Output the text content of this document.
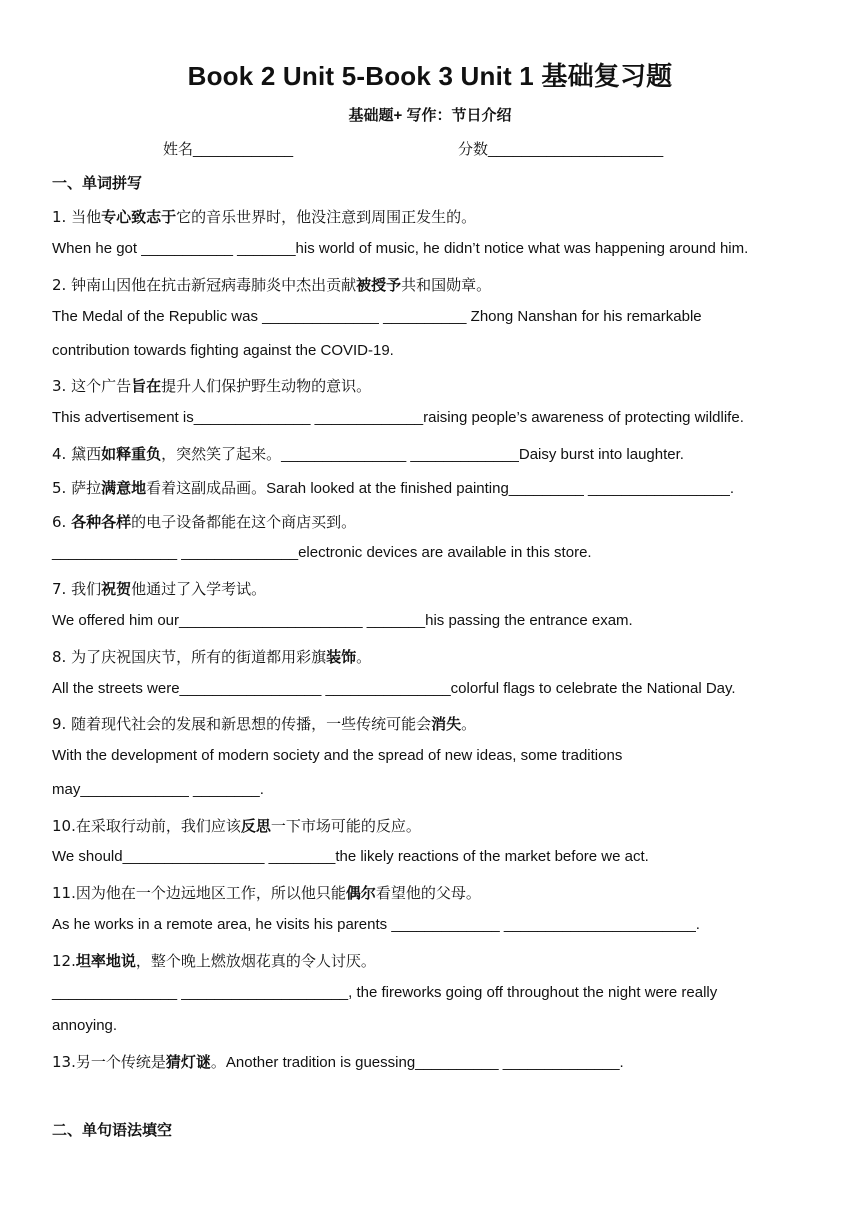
Book 2 Unit 5-Book 3 Unit 1 基础复习题
基础题+ 写作：节日介绍
姓名____________	分数_____________________
一、单词拼写
1. 当他专心致志于它的音乐世界时，他没注意到周围正发生的。
When he got ___________ _______his world of music, he didn’t notice what was happening around him.
2. 钟南山因他在抗击新冠病毒肺炎中杰出贡献被授予共和国勋章。
The Medal of the Republic was ______________ __________ Zhong Nanshan for his remarkable
contribution towards fighting against the COVID-19.
3. 这个广告旨在提升人们保护野生动物的意识。
This advertisement is______________ _____________raising people’s awareness of protecting wildlife.
4. 黛西如释重负，突然笑了起来。_______________ _____________Daisy burst into laughter.
5. 萨拉满意地看着这副成品画。Sarah looked at the finished painting_________ _________________.
6. 各种各样的电子设备都能在这个商店买到。
_______________ ______________electronic devices are available in this store.
7. 我们祝贺他通过了入学考试。
We offered him our______________________ _______his passing the entrance exam.
8. 为了庆祝国庆节，所有的街道都用彩旗装饰。
All the streets were_________________ _______________colorful flags to celebrate the National Day.
9. 随着现代社会的发展和新思想的传播，一些传统可能会消失。
With the development of modern society and the spread of new ideas, some traditions
may_____________ ________.
10.在采取行动前，我们应该反思一下市场可能的反应。
We should_________________ ________the likely reactions of the market before we act.
11.因为他在一个边远地区工作，所以他只能偶尔看望他的父母。
As he works in a remote area, he visits his parents _____________ _______________________.
12.坦率地说，整个晚上燃放烟花真的令人讨厌。
_______________ ____________________, the fireworks going off throughout the night were really
annoying.
13.另一个传统是猜灯谜。Another tradition is guessing__________ ______________.
二、单句语法填空
